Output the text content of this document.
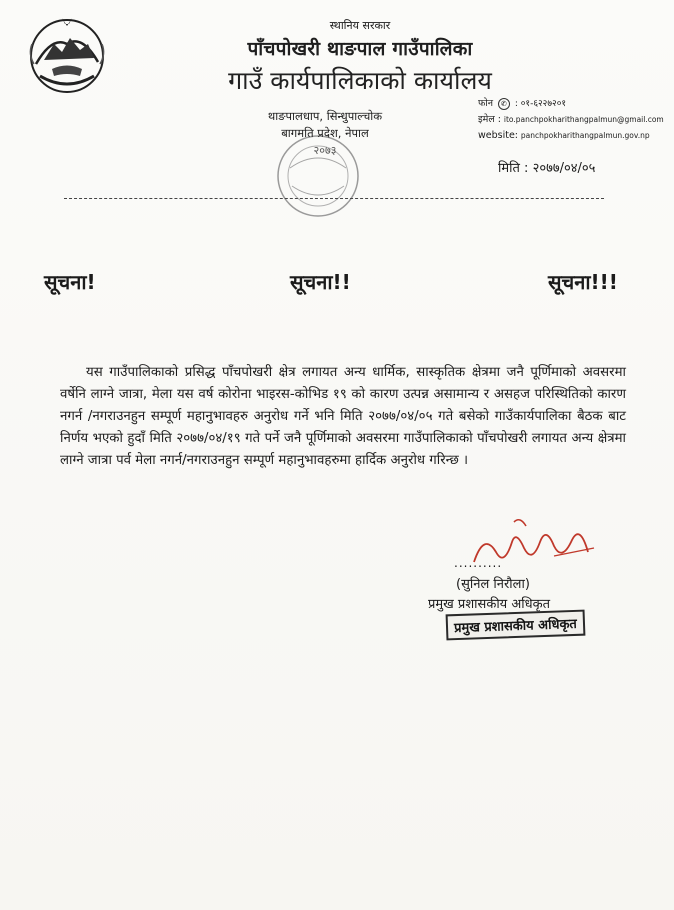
स्थानिय सरकार

पाँचपोखरी थाङपाल गाउँपालिका

गाउँ कार्यपालिकाको कार्यालय

थाङपालधाप, सिन्धुपाल्चोक
बागमति प्रदेश, नेपाल
२०७३
फोन ✆ : ०१-६२२७२०१
इमेल : ito.panchpokharithangpalmun@gmail.com
website: panchpokharithangpalmun.gov.np
मिति : २०७७/०४/०५
सूचना!	सूचना!!	सूचना!!!

यस गाउँपालिकाको प्रसिद्ध पाँचपोखरी क्षेत्र लगायत अन्य धार्मिक, सास्कृतिक क्षेत्रमा जनै पूर्णिमाको अवसरमा वर्षेनि लाग्ने जात्रा, मेला यस वर्ष कोरोना भाइरस-कोभिड १९ को कारण उत्पन्न असामान्य र असहज परिस्थितिको कारण नगर्न /नगराउनहुन सम्पूर्ण महानुभावहरु अनुरोध गर्ने भनि मिति २०७७/०४/०५ गते बसेको गाउँकार्यपालिका बैठक बाट निर्णय भएको हुदाँ मिति २०७७/०४/१९ गते पर्ने जनै पूर्णिमाको अवसरमा गाउँपालिकाको पाँचपोखरी लगायत अन्य क्षेत्रमा लाग्ने जात्रा पर्व मेला नगर्न/नगराउनहुन सम्पूर्ण महानुभावहरुमा हार्दिक अनुरोध गरिन्छ ।

..........
(सुनिल निरौला)
प्रमुख प्रशासकीय अधिकृत
प्रमुख प्रशासकीय अधिकृत
